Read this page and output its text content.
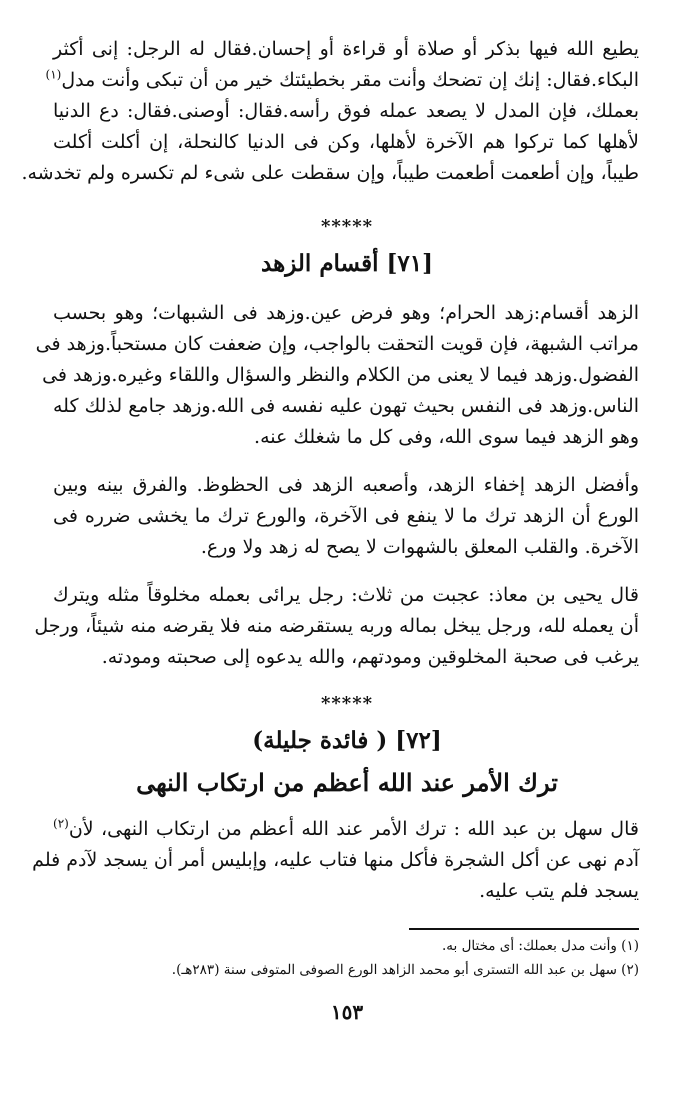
يطيع الله فيها بذكر أو صلاة أو قراءة أو إحسان.فقال له الرجل: إنى أكثر
البكاء.فقال: إنك إن تضحك وأنت مقر بخطيئتك خير من أن تبكى وأنت مدل$^{(١)}$
بعملك، فإن المدل لا يصعد عمله فوق رأسه.فقال: أوصنى.فقال: دع الدنيا
لأهلها كما تركوا هم الآخرة لأهلها، وكن فى الدنيا كالنحلة، إن أكلت أكلت
طيباً، وإن أطعمت أطعمت طيباً، وإن سقطت على شىء لم تكسره ولم تخدشه.
*****
[٧١] أقسام الزهد
الزهد أقسام:زهد الحرام؛ وهو فرض عين.وزهد فى الشبهات؛ وهو بحسب
مراتب الشبهة، فإن قويت التحقت بالواجب، وإن ضعفت كان مستحباً.وزهد فى
الفضول.وزهد فيما لا يعنى من الكلام والنظر والسؤال واللقاء وغيره.وزهد فى
الناس.وزهد فى النفس بحيث تهون عليه نفسه فى الله.وزهد جامع لذلك كله
وهو الزهد فيما سوى الله، وفى كل ما شغلك عنه.
وأفضل الزهد إخفاء الزهد، وأصعبه الزهد فى الحظوظ. والفرق بينه وبين
الورع أن الزهد ترك ما لا ينفع فى الآخرة، والورع ترك ما يخشى ضرره فى
الآخرة. والقلب المعلق بالشهوات لا يصح له زهد ولا ورع.
قال يحيى بن معاذ: عجبت من ثلاث: رجل يرائى بعمله مخلوقاً مثله ويترك
أن يعمله لله، ورجل يبخل بماله وربه يستقرضه منه فلا يقرضه منه شيئاً، ورجل
يرغب فى صحبة المخلوقين ومودتهم، والله يدعوه إلى صحبته ومودته.
*****
[٧٢] ( فائدة جليلة)
ترك الأمر عند الله أعظم من ارتكاب النهى
قال سهل بن عبد الله : ترك الأمر عند الله أعظم من ارتكاب النهى، لأن$^{(٢)}$
آدم نهى عن أكل الشجرة فأكل منها فتاب عليه، وإبليس أمر أن يسجد لآدم فلم
يسجد فلم يتب عليه.
(١) وأنت مدل بعملك: أى مختال به.
(٢) سهل بن عبد الله التسترى أبو محمد الزاهد الورع الصوفى المتوفى سنة (٢٨٣هـ).
١٥٣
